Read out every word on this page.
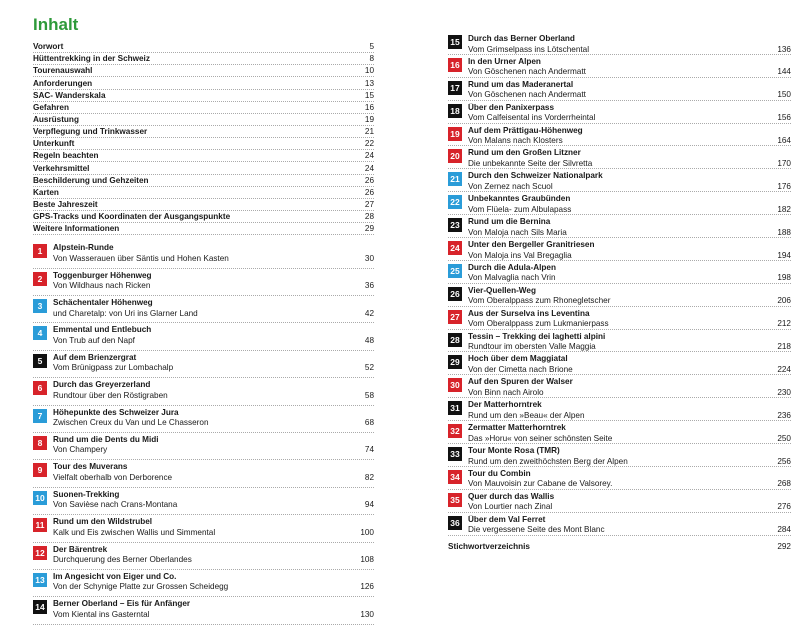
Inhalt
Vorwort	5
Hüttentrekking in der Schweiz	8
Tourenauswahl	10
Anforderungen	13
SAC- Wanderskala	15
Gefahren	16
Ausrüstung	19
Verpflegung und Trinkwasser	21
Unterkunft	22
Regeln beachten	24
Verkehrsmittel	24
Beschilderung und Gehzeiten	26
Karten	26
Beste Jahreszeit	27
GPS-Tracks und Koordinaten der Ausgangspunkte	28
Weitere Informationen	29
1	Alpstein-Runde
Von Wasserauen über Säntis und Hohen Kasten	30
2	Toggenburger Höhenweg
Von Wildhaus nach Ricken	36
3	Schächentaler Höhenweg
und Charetalp: von Uri ins Glarner Land	42
4	Emmental und Entlebuch
Von Trub auf den Napf	48
5	Auf dem Brienzergrat
Vom Brünigpass zur Lombachalp	52
6	Durch das Greyerzerland
Rundtour über den Röstigraben	58
7	Höhepunkte des Schweizer Jura
Zwischen Creux du Van und Le Chasseron	68
8	Rund um die Dents du Midi
Von Champery	74
9	Tour des Muverans
Vielfalt oberhalb von Derborence	82
10 Suonen-Trekking
Von Savièse nach Crans-Montana	94
11	Rund um den Wildstrubel
Kalk und Eis zwischen Wallis und Simmental	100
12 Der Bärentrek
Durchquerung des Berner Oberlandes	108
13 Im Angesicht von Eiger und Co.
Von der Schynige Platte zur Grossen Scheidegg	126
14 Berner Oberland – Eis für Anfänger
Vom Kiental ins Gasterntal	130
15 Durch das Berner Oberland
Vom Grimselpass ins Lötschental	136
16 In den Urner Alpen
Von Göschenen nach Andermatt	144
17 Rund um das Maderanertal
Von Göschenen nach Andermatt	150
18 Über den Panixerpass
Vom Calfeisental ins Vorderrheintal	156
19 Auf dem Prättigau-Höhenweg
Von Malans nach Klosters	164
20 Rund um den Großen Litzner
Die unbekannte Seite der Silvretta	170
21 Durch den Schweizer Nationalpark
Von Zernez nach Scuol	176
22 Unbekanntes Graubünden
Vom Flüela- zum Albulapass	182
23 Rund um die Bernina
Von Maloja nach Sils Maria	188
24 Unter den Bergeller Granitriesen
Von Maloja ins Val Bregaglia	194
25 Durch die Adula-Alpen
Von Malvaglia nach Vrin	198
26 Vier-Quellen-Weg
Vom Oberalppass zum Rhonegletscher	206
27 Aus der Surselva ins Leventina
Vom Oberalppass zum Lukmanierpass	212
28 Tessin – Trekking dei laghetti alpini
Rundtour im obersten Valle Maggia	218
29 Hoch über dem Maggiatal
Von der Cimetta nach Brione	224
30 Auf den Spuren der Walser
Von Binn nach Airolo	230
31 Der Matterhorntrek
Rund um den »Beau« der Alpen	236
32 Zermatter Matterhorntrek
Das »Horu« von seiner schönsten Seite	250
33 Tour Monte Rosa (TMR)
Rund um den zweithöchsten Berg der Alpen	256
34 Tour du Combin
Von Mauvoisin zur Cabane de Valsorey.	268
35 Quer durch das Wallis
Von Lourtier nach Zinal	276
36 Über dem Val Ferret
Die vergessene Seite des Mont Blanc	284
Stichwortverzeichnis	292
